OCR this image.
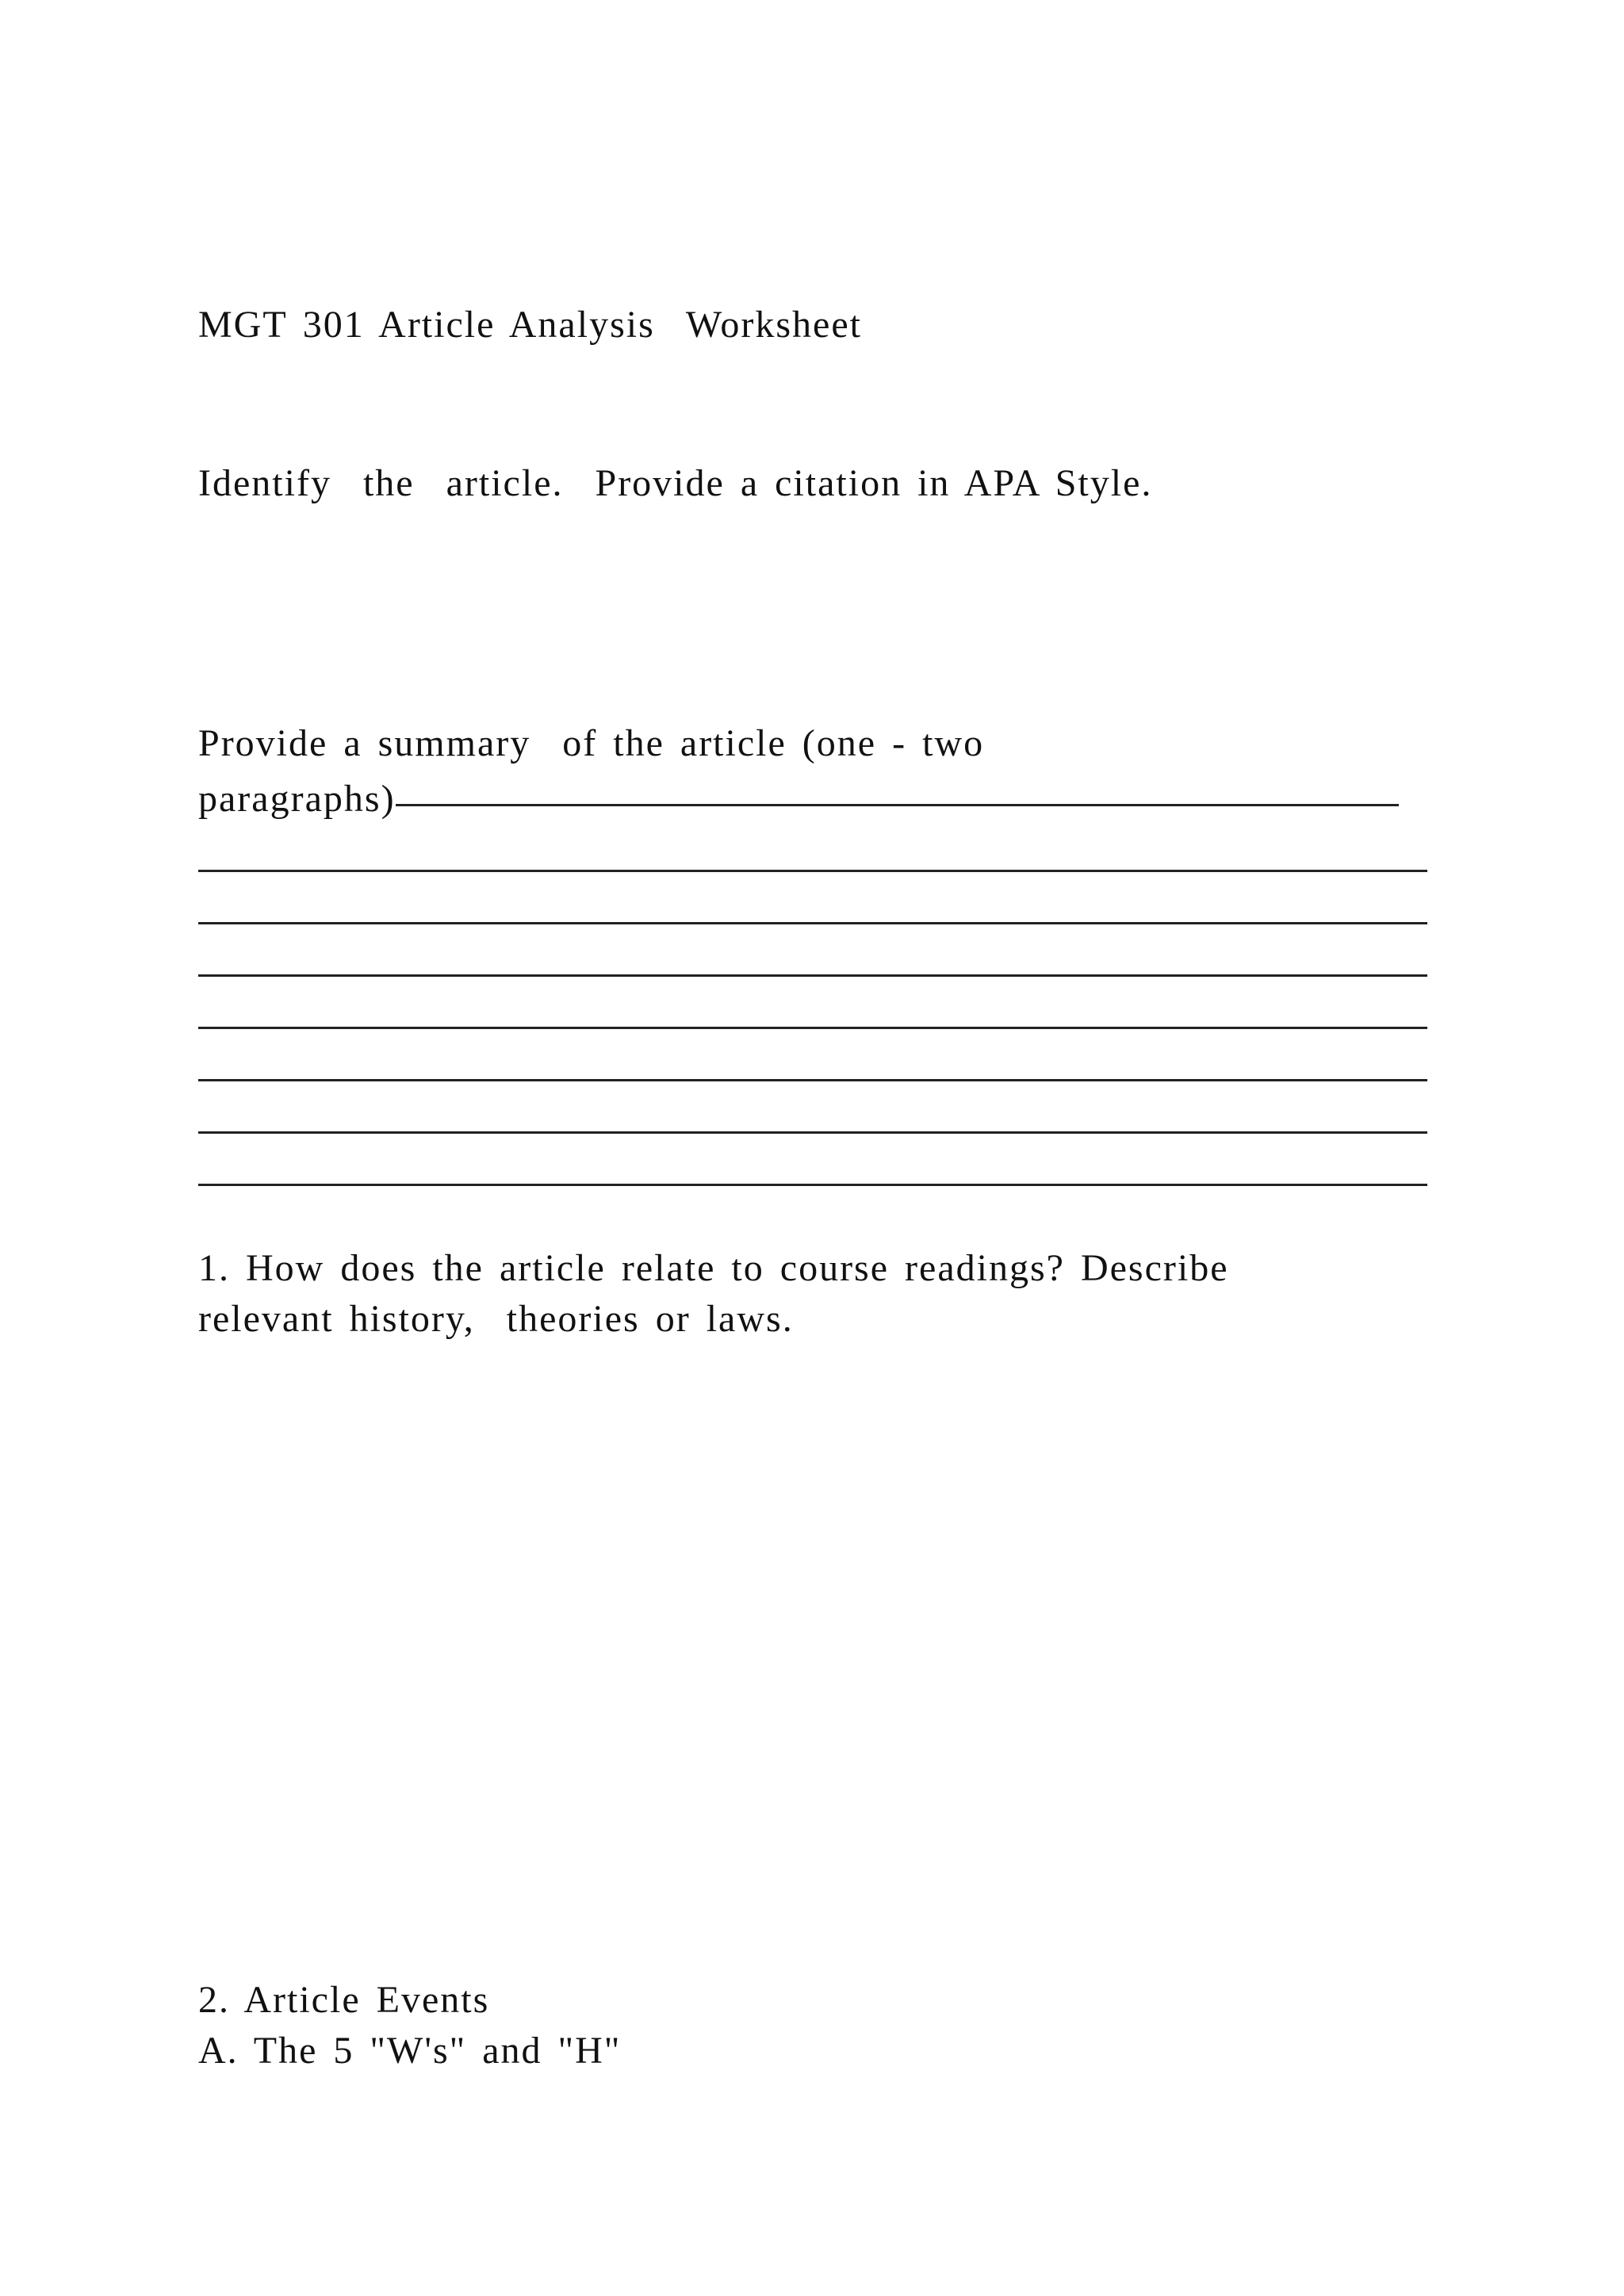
MGT 301 Article Analysis  Worksheet
Identify  the  article.  Provide a citation in APA Style.
Provide a summary  of the article (one - two
paragraphs)
1. How does the article relate to course readings? Describe
relevant history,  theories or laws.
2. Article Events
A. The 5 "W's" and "H"
